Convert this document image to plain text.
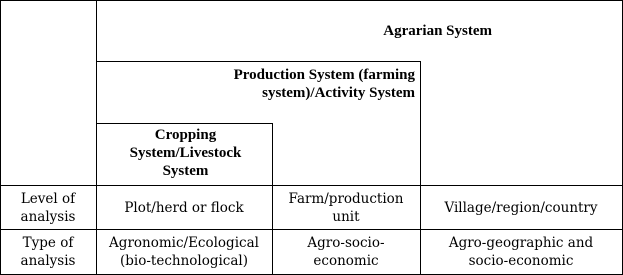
Agrarian System
Production System (farming system)/Activity System
Cropping System/Livestock System
Level of analysis
Plot/herd or flock
Farm/production unit
Village/region/country
Type of analysis
Agronomic/Ecological (bio-technological)
Agro-socio-economic
Agro-geographic and socio-economic
